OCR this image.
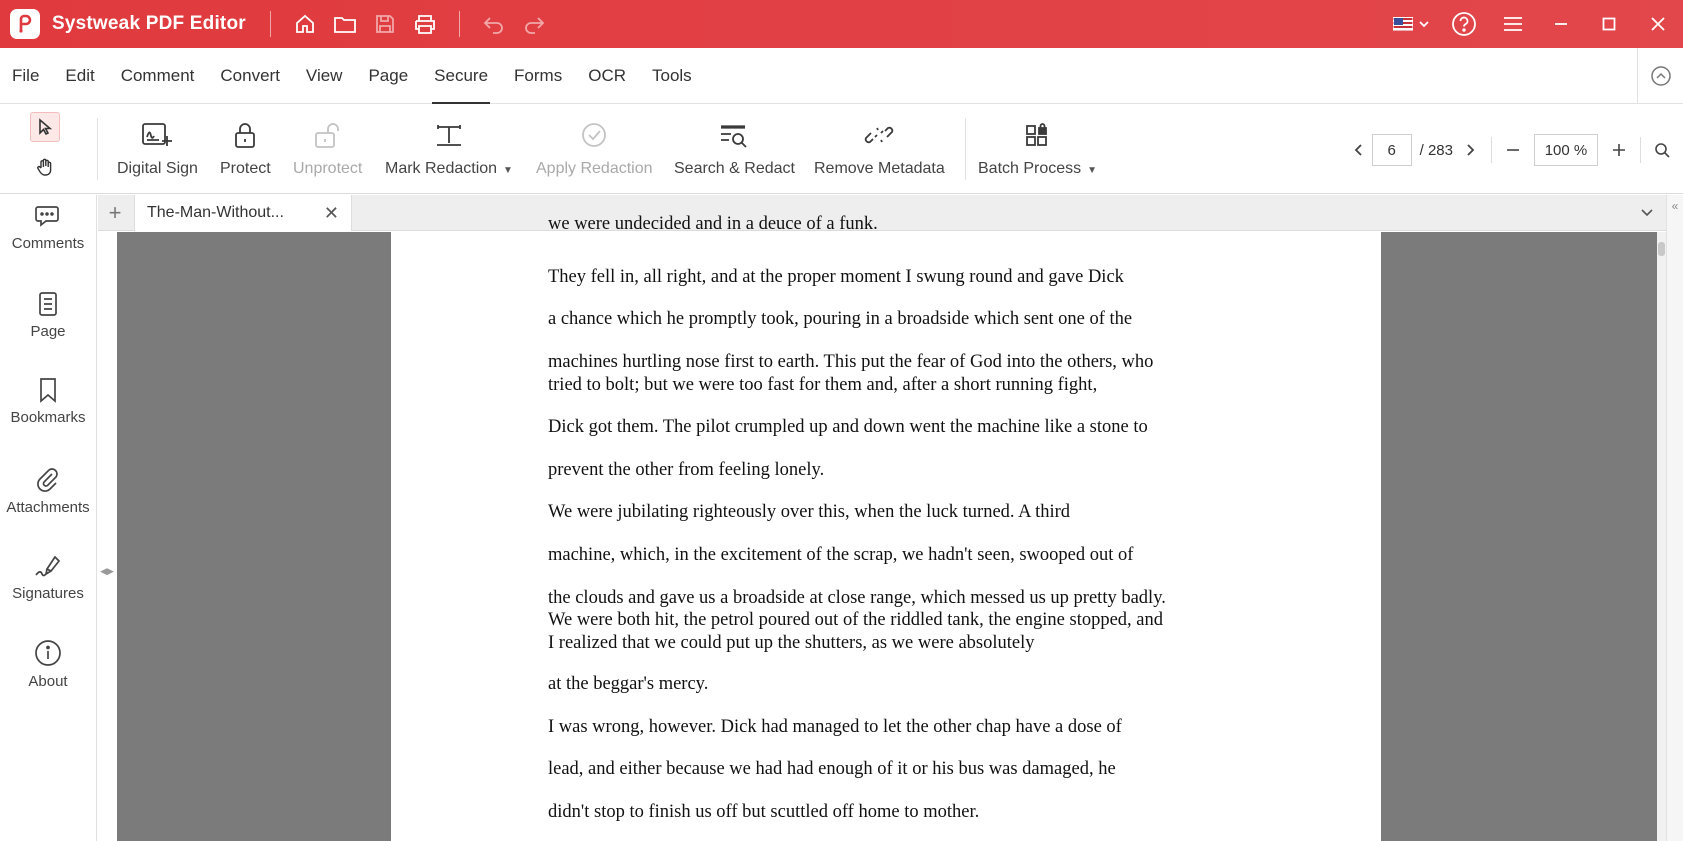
Systweak PDF Editor
File	Edit	Comment	Convert	View	Page	Secure	Forms	OCR	Tools
Digital Sign Protect Unprotect Mark Redaction ▼ Apply Redaction Search & Redact Remove Metadata Batch Process ▼
6	/ 283	100 %
Comments
Page
Bookmarks
Attachments
Signatures
About
◀▶
+	The-Man-Without...	✕	«
we were undecided and in a deuce of a funk.
They fell in, all right, and at the proper moment I swung round and gave Dick
a chance which he promptly took, pouring in a broadside which sent one of the
machines hurtling nose first to earth. This put the fear of God into the others, who
tried to bolt; but we were too fast for them and, after a short running fight,
Dick got them. The pilot crumpled up and down went the machine like a stone to
prevent the other from feeling lonely.
We were jubilating righteously over this, when the luck turned. A third
machine, which, in the excitement of the scrap, we hadn't seen, swooped out of
the clouds and gave us a broadside at close range, which messed us up pretty badly.
We were both hit, the petrol poured out of the riddled tank, the engine stopped, and
I realized that we could put up the shutters, as we were absolutely
at the beggar's mercy.
I was wrong, however. Dick had managed to let the other chap have a dose of
lead, and either because we had had enough of it or his bus was damaged, he
didn't stop to finish us off but scuttled off home to mother.
